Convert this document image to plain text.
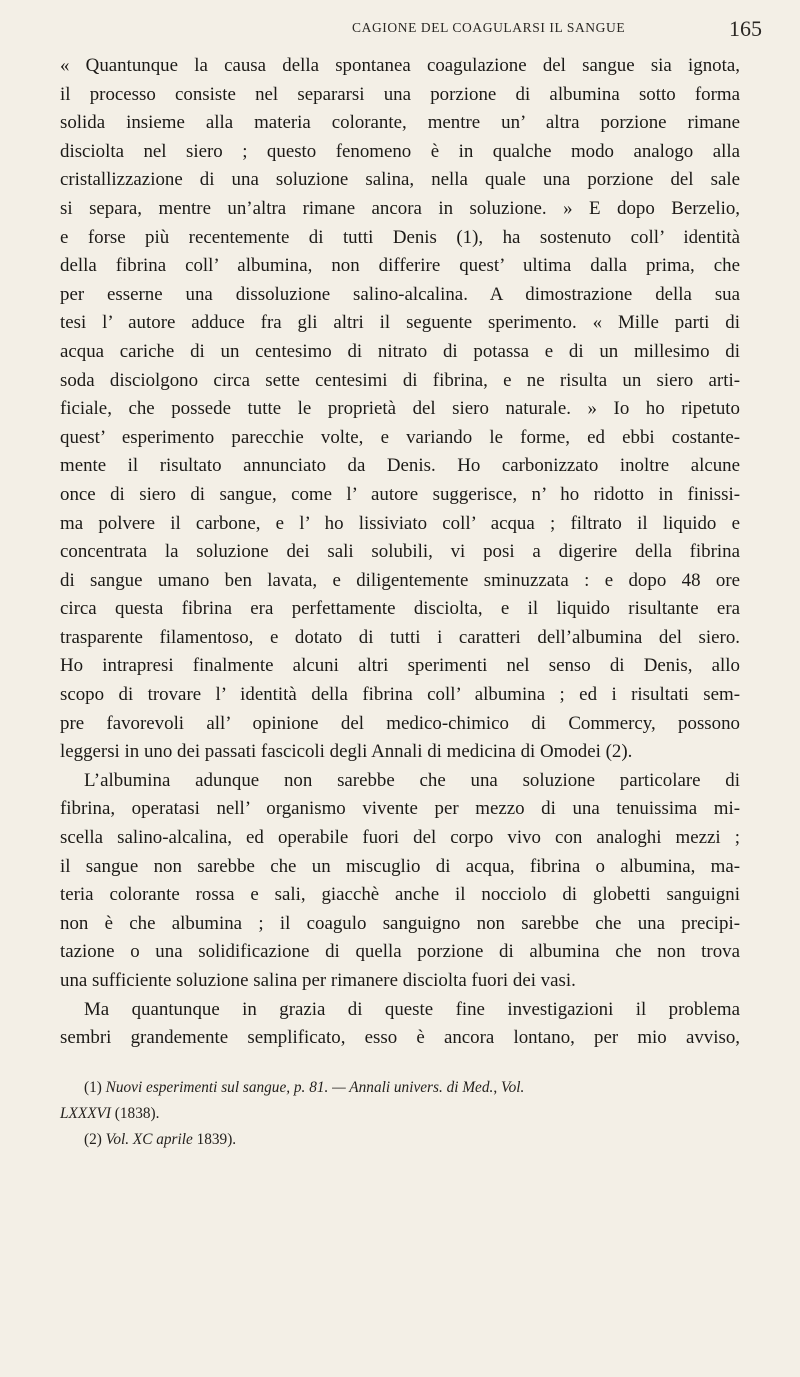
CAGIONE DEL COAGULARSI IL SANGUE	165
« Quantunque la causa della spontanea coagulazione del sangue sia ignota,
il processo consiste nel separarsi una porzione di albumina sotto forma
solida insieme alla materia colorante, mentre un’ altra porzione rimane
disciolta nel siero ; questo fenomeno è in qualche modo analogo alla
cristallizzazione di una soluzione salina, nella quale una porzione del sale
si separa, mentre un’altra rimane ancora in soluzione. » E dopo Berzelio,
e forse più recentemente di tutti Denis (1), ha sostenuto coll’ identità
della fibrina coll’ albumina, non differire quest’ ultima dalla prima, che
per esserne una dissoluzione salino-alcalina. A dimostrazione della sua
tesi l’ autore adduce fra gli altri il seguente sperimento. « Mille parti di
acqua cariche di un centesimo di nitrato di potassa e di un millesimo di
soda disciolgono circa sette centesimi di fibrina, e ne risulta un siero arti-
ficiale, che possede tutte le proprietà del siero naturale. » Io ho ripetuto
quest’ esperimento parecchie volte, e variando le forme, ed ebbi costante-
mente il risultato annunciato da Denis. Ho carbonizzato inoltre alcune
once di siero di sangue, come l’ autore suggerisce, n’ ho ridotto in finissi-
ma polvere il carbone, e l’ ho lissiviato coll’ acqua ; filtrato il liquido e
concentrata la soluzione dei sali solubili, vi posi a digerire della fibrina
di sangue umano ben lavata, e diligentemente sminuzzata : e dopo 48 ore
circa questa fibrina era perfettamente disciolta, e il liquido risultante era
trasparente filamentoso, e dotato di tutti i caratteri dell’albumina del siero.
Ho intrapresi finalmente alcuni altri sperimenti nel senso di Denis, allo
scopo di trovare l’ identità della fibrina coll’ albumina ; ed i risultati sem-
pre favorevoli all’ opinione del medico-chimico di Commercy, possono
leggersi in uno dei passati fascicoli degli Annali di medicina di Omodei (2).
L’albumina adunque non sarebbe che una soluzione particolare di
fibrina, operatasi nell’ organismo vivente per mezzo di una tenuissima mi-
scella salino-alcalina, ed operabile fuori del corpo vivo con analoghi mezzi ;
il sangue non sarebbe che un miscuglio di acqua, fibrina o albumina, ma-
teria colorante rossa e sali, giacchè anche il nocciolo di globetti sanguigni
non è che albumina ; il coagulo sanguigno non sarebbe che una precipi-
tazione o una solidificazione di quella porzione di albumina che non trova
una sufficiente soluzione salina per rimanere disciolta fuori dei vasi.
Ma quantunque in grazia di queste fine investigazioni il problema
sembri grandemente semplificato, esso è ancora lontano, per mio avviso,
(1) Nuovi esperimenti sul sangue, p. 81. — Annali univers. di Med., Vol.
LXXXVI (1838).
(2) Vol. XC aprile 1839).
